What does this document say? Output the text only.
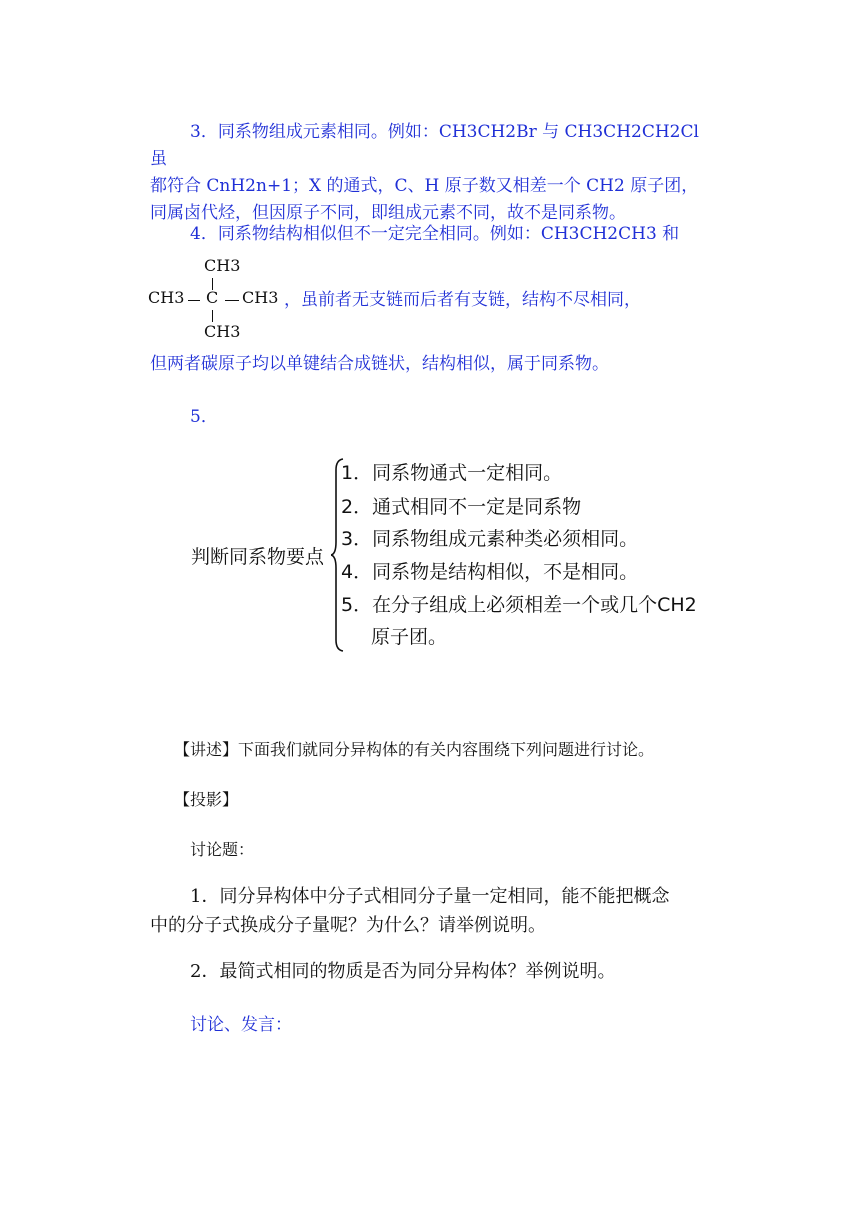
3．同系物组成元素相同。例如：CH3CH2Br 与 CH3CH2CH2Cl 虽
都符合 CnH2n+1；X 的通式，C、H 原子数又相差一个 CH2 原子团，
同属卤代烃，但因原子不同，即组成元素不同，故不是同系物。
4．同系物结构相似但不一定完全相同。例如：CH3CH2CH3 和
CH3
CH3 C CH3
CH3
，虽前者无支链而后者有支链，结构不尽相同，
但两者碳原子均以单键结合成链状，结构相似，属于同系物。
5．
判断同系物要点
1．同系物通式一定相同。
2．通式相同不一定是同系物
3．同系物组成元素种类必须相同。
4．同系物是结构相似，不是相同。
5．在分子组成上必须相差一个或几个CH2
原子团。
【讲述】下面我们就同分异构体的有关内容围绕下列问题进行讨论。
【投影】
讨论题：
1．同分异构体中分子式相同分子量一定相同，能不能把概念
中的分子式换成分子量呢？为什么？请举例说明。
2．最简式相同的物质是否为同分异构体？举例说明。
讨论、发言：
